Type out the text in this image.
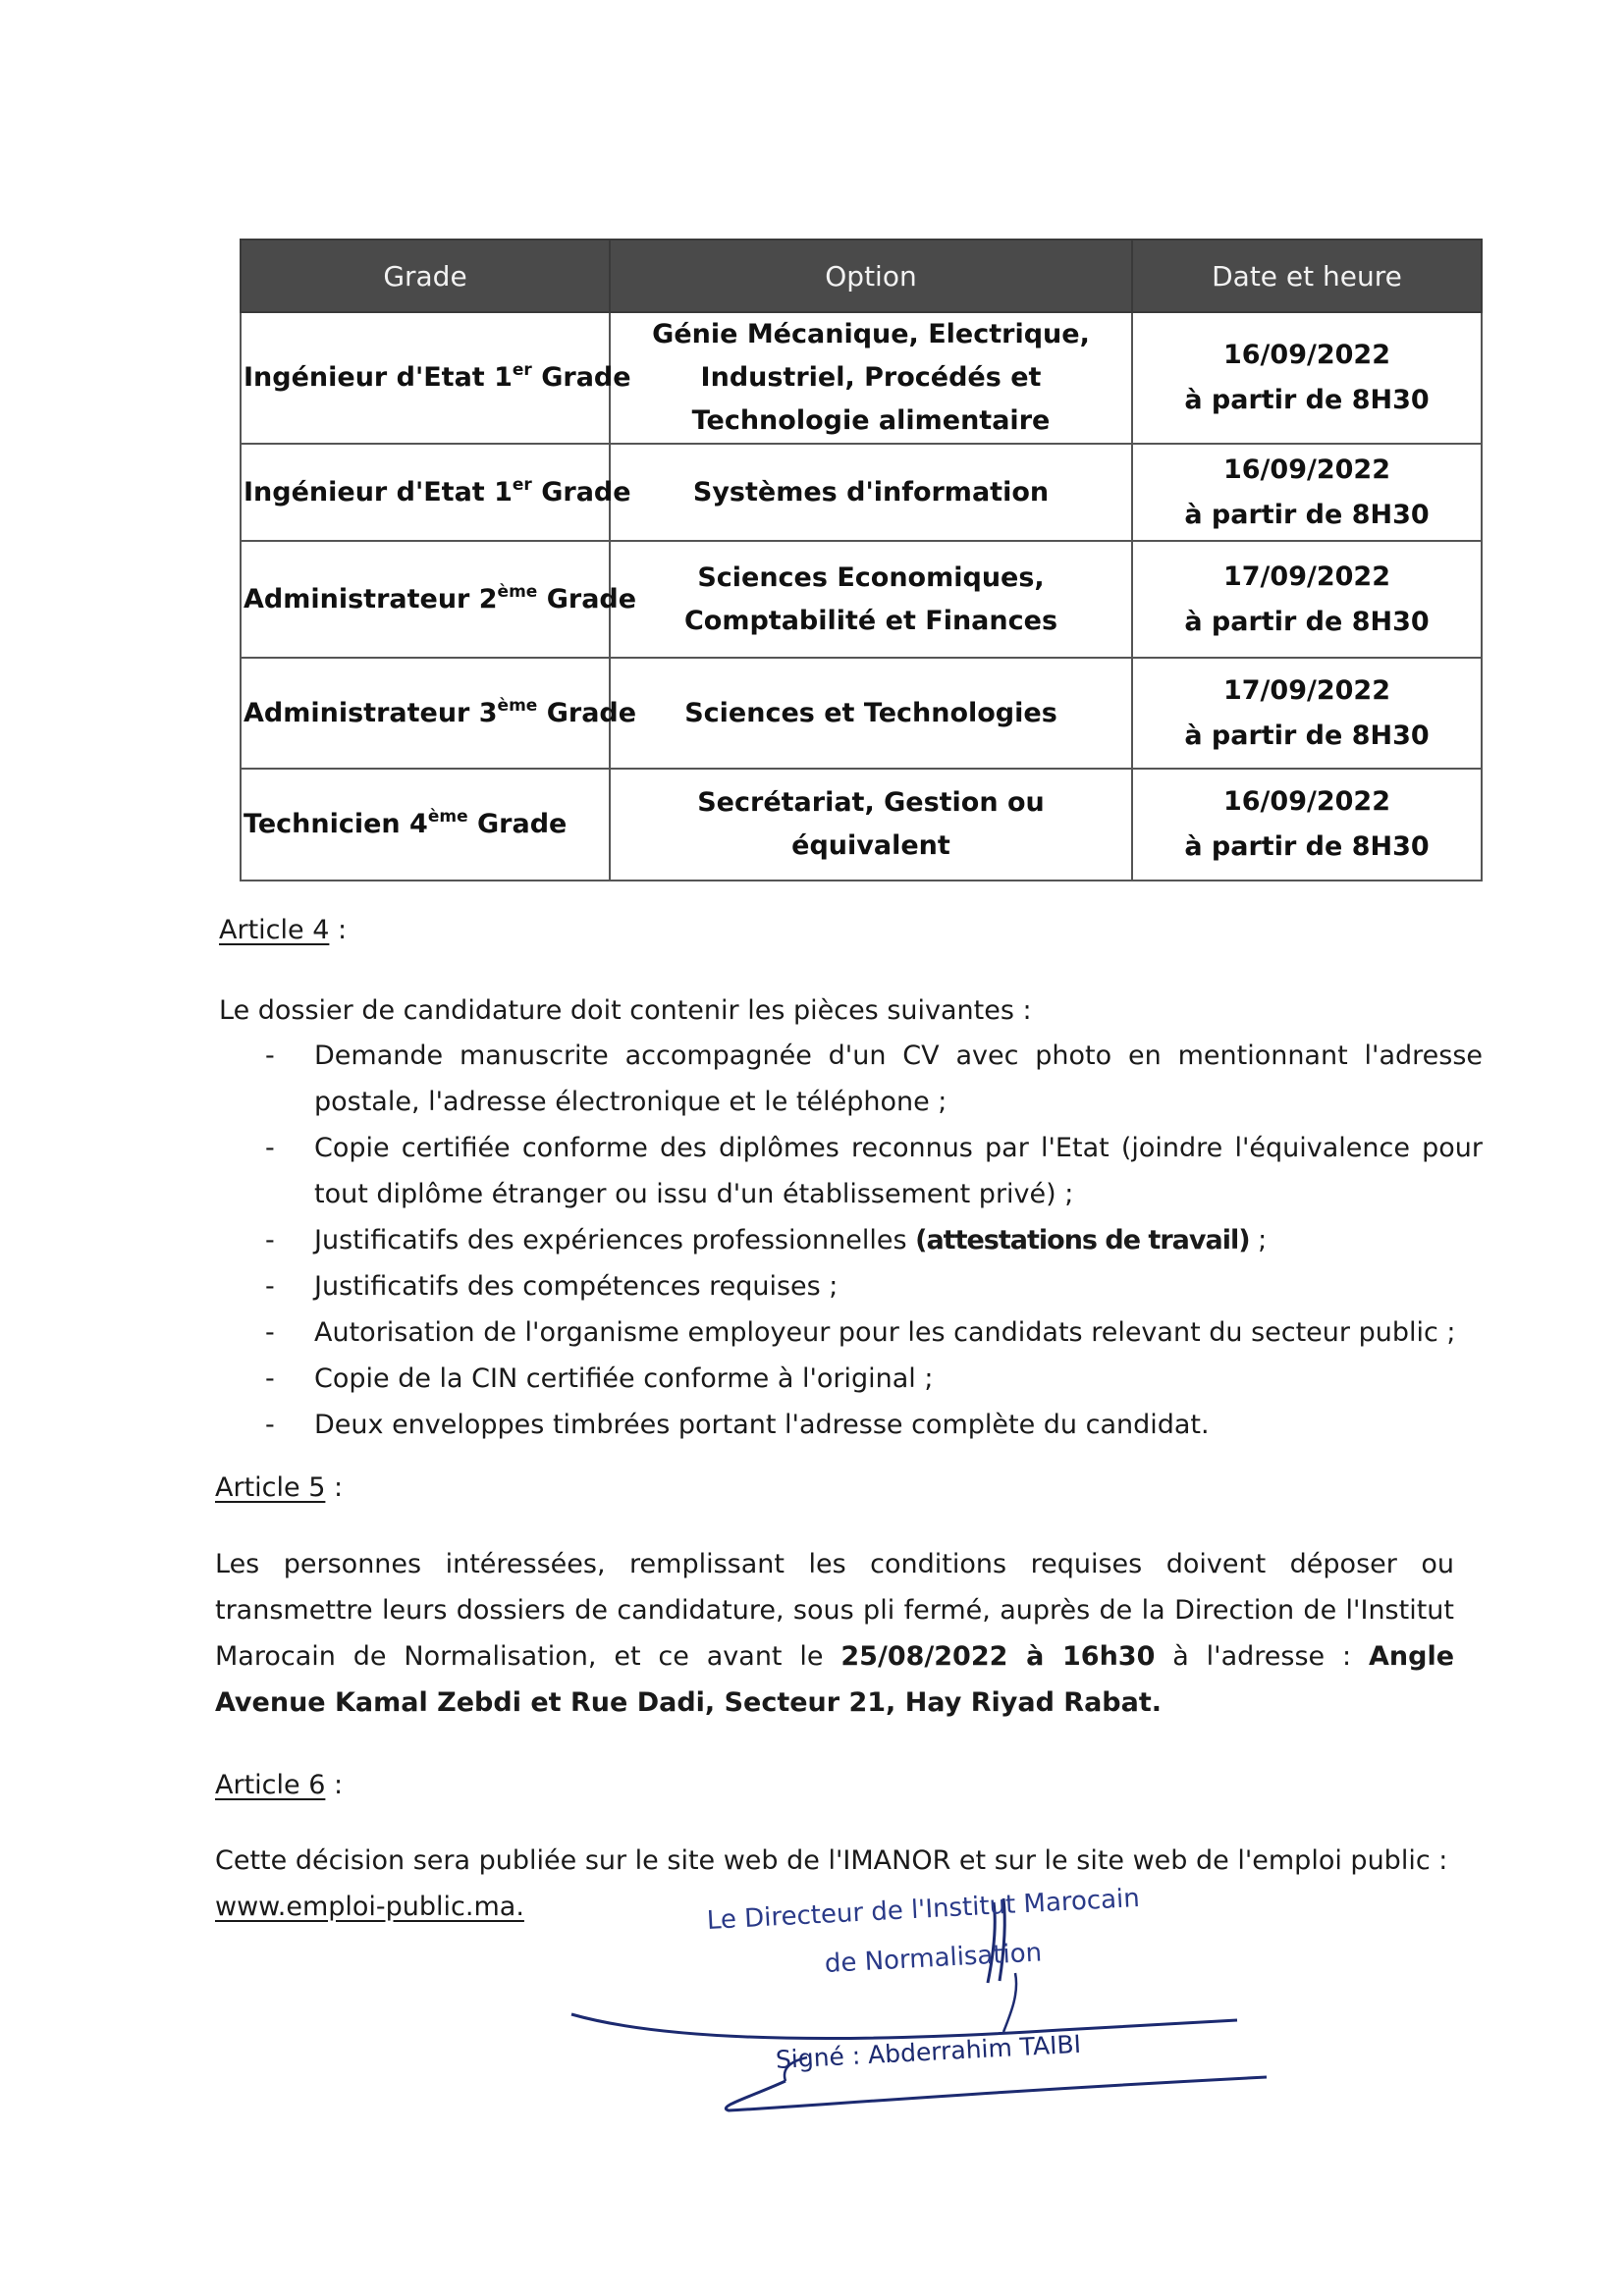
Grade	Option	Date et heure
Ingénieur d'Etat 1er Grade	Génie Mécanique, Electrique, Industriel, Procédés et Technologie alimentaire	16/09/2022
à partir de 8H30

Ingénieur d'Etat 1er Grade	Systèmes d'information	16/09/2022
à partir de 8H30

Administrateur 2ème Grade	Sciences Economiques, Comptabilité et Finances	17/09/2022
à partir de 8H30

Administrateur 3ème Grade	Sciences et Technologies	17/09/2022
à partir de 8H30

Technicien 4ème Grade	Secrétariat, Gestion ou équivalent	16/09/2022
à partir de 8H30
Article 4 :
Le dossier de candidature doit contenir les pièces suivantes :
- Demande manuscrite accompagnée d'un CV avec photo en mentionnant l'adresse postale, l'adresse électronique et le téléphone ;
- Copie certifiée conforme des diplômes reconnus par l'Etat (joindre l'équivalence pour tout diplôme étranger ou issu d'un établissement privé) ;
- Justificatifs des expériences professionnelles (attestations de travail) ;
- Justificatifs des compétences requises ;
- Autorisation de l'organisme employeur pour les candidats relevant du secteur public ;
- Copie de la CIN certifiée conforme à l'original ;
- Deux enveloppes timbrées portant l'adresse complète du candidat.
Article 5 :

Les personnes intéressées, remplissant les conditions requises doivent déposer ou transmettre leurs dossiers de candidature, sous pli fermé, auprès de la Direction de l'Institut Marocain de Normalisation, et ce avant le 25/08/2022 à 16h30 à l'adresse : Angle Avenue Kamal Zebdi et Rue Dadi, Secteur 21, Hay Riyad Rabat.

Article 6 :

Cette décision sera publiée sur le site web de l'IMANOR et sur le site web de l'emploi public : www.emploi-public.ma.	Le Directeur de l'Institut Marocain
de Normalisation
Signé : Abderrahim TAIBI
